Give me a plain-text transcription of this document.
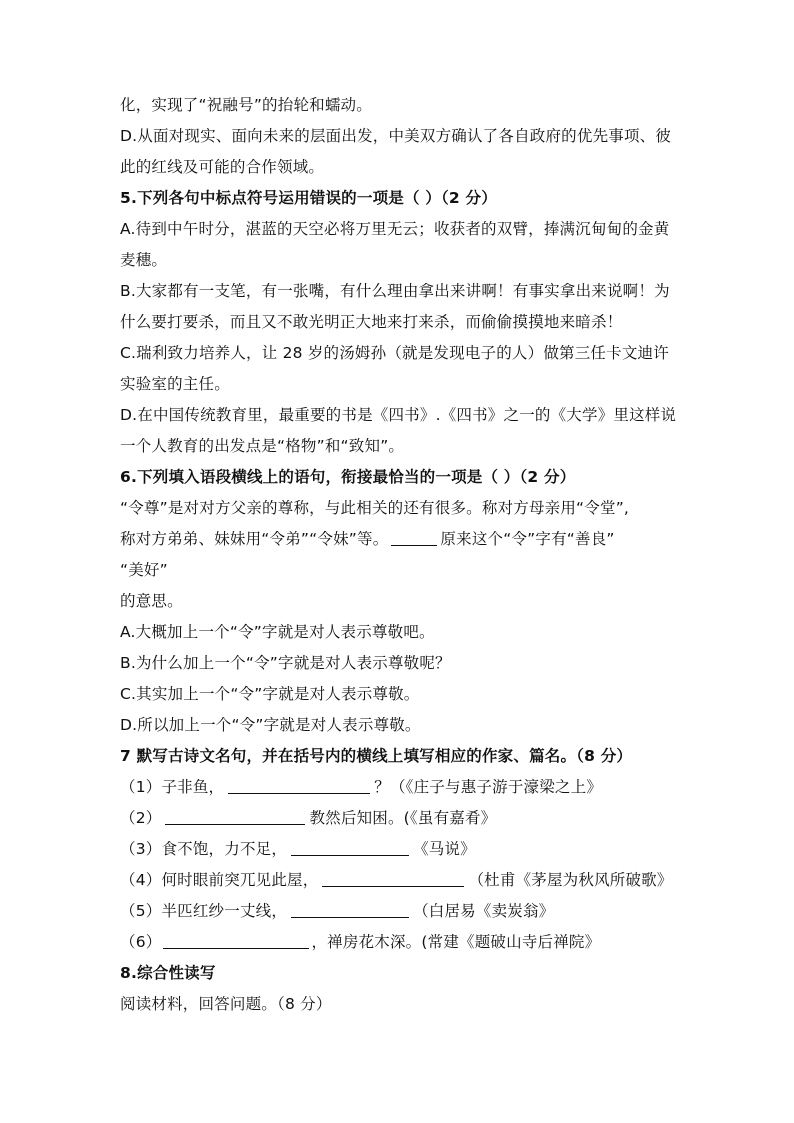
化，实现了“祝融号”的抬轮和蠕动。
D.从面对现实、面向未来的层面出发，中美双方确认了各自政府的优先事项、彼
此的红线及可能的合作领域。
5.下列各句中标点符号运用错误的一项是（ ）（2 分）
A.待到中午时分，湛蓝的天空必将万里无云；收获者的双臂，捧满沉甸甸的金黄
麦穗。
B.大家都有一支笔，有一张嘴，有什么理由拿出来讲啊！有事实拿出来说啊！为
什么要打要杀，而且又不敢光明正大地来打来杀，而偷偷摸摸地来暗杀！
C.瑞利致力培养人，让 28 岁的汤姆孙（就是发现电子的人）做第三任卡文迪许
实验室的主任。
D.在中国传统教育里，最重要的书是《四书》.《四书》之一的《大学》里这样说
一个人教育的出发点是“格物”和“致知”。
6.下列填入语段横线上的语句，衔接最恰当的一项是（ ）（2 分）
“令尊”是对对方父亲的尊称，与此相关的还有很多。称对方母亲用“令堂”,
称对方弟弟、妹妹用“令弟”“令妹”等。	原来这个“令”字有“善良”
“美好”
的意思。
A.大概加上一个“令”字就是对人表示尊敬吧。
B.为什么加上一个“令”字就是对人表示尊敬呢？
C.其实加上一个“令”字就是对人表示尊敬。
D.所以加上一个“令”字就是对人表示尊敬。
7 默写古诗文名句，并在括号内的横线上填写相应的作家、篇名。（8 分）
（1）子非鱼，	？（《庄子与惠子游于濠梁之上》
（2）	教然后知困。(《虽有嘉肴》
（3）食不饱，力不足，	《马说》
（4）何时眼前突兀见此屋，	（杜甫《茅屋为秋风所破歌》
（5）半匹红纱一丈线，	（白居易《卖炭翁》
（6）	，禅房花木深。(常建《题破山寺后禅院》
8.综合性读写
阅读材料，回答问题。（8 分）
